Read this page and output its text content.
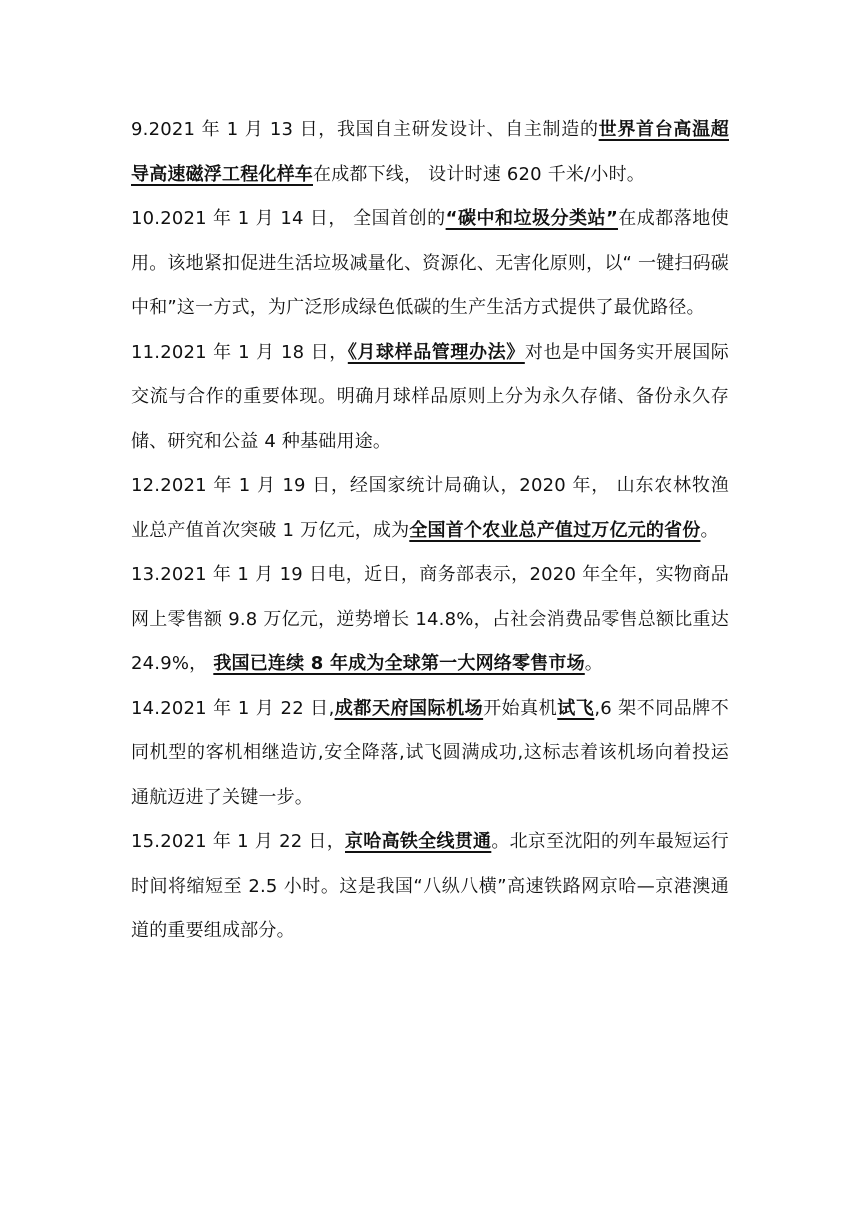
9.2021 年 1 月 13 日，我国自主研发设计、自主制造的世界首台高温超导高速磁浮工程化样车在成都下线， 设计时速 620 千米/小时。

10.2021 年 1 月 14 日， 全国首创的“碳中和垃圾分类站”在成都落地使用。该地紧扣促进生活垃圾减量化、资源化、无害化原则，以“ 一键扫码碳中和”这一方式，为广泛形成绿色低碳的生产生活方式提供了最优路径。

11.2021 年 1 月 18 日，《月球样品管理办法》对也是中国务实开展国际交流与合作的重要体现。明确月球样品原则上分为永久存储、备份永久存储、研究和公益 4 种基础用途。

12.2021 年 1 月 19 日，经国家统计局确认，2020 年， 山东农林牧渔业总产值首次突破 1 万亿元，成为全国首个农业总产值过万亿元的省份。

13.2021 年 1 月 19 日电，近日，商务部表示，2020 年全年，实物商品网上零售额 9.8 万亿元，逆势增长 14.8%，占社会消费品零售总额比重达 24.9%， 我国已连续 8 年成为全球第一大网络零售市场。

14.2021 年 1 月 22 日,成都天府国际机场开始真机试飞,6 架不同品牌不同机型的客机相继造访,安全降落,试飞圆满成功,这标志着该机场向着投运通航迈进了关键一步。

15.2021 年 1 月 22 日，京哈高铁全线贯通。北京至沈阳的列车最短运行时间将缩短至 2.5 小时。这是我国“八纵八横”高速铁路网京哈—京港澳通道的重要组成部分。
